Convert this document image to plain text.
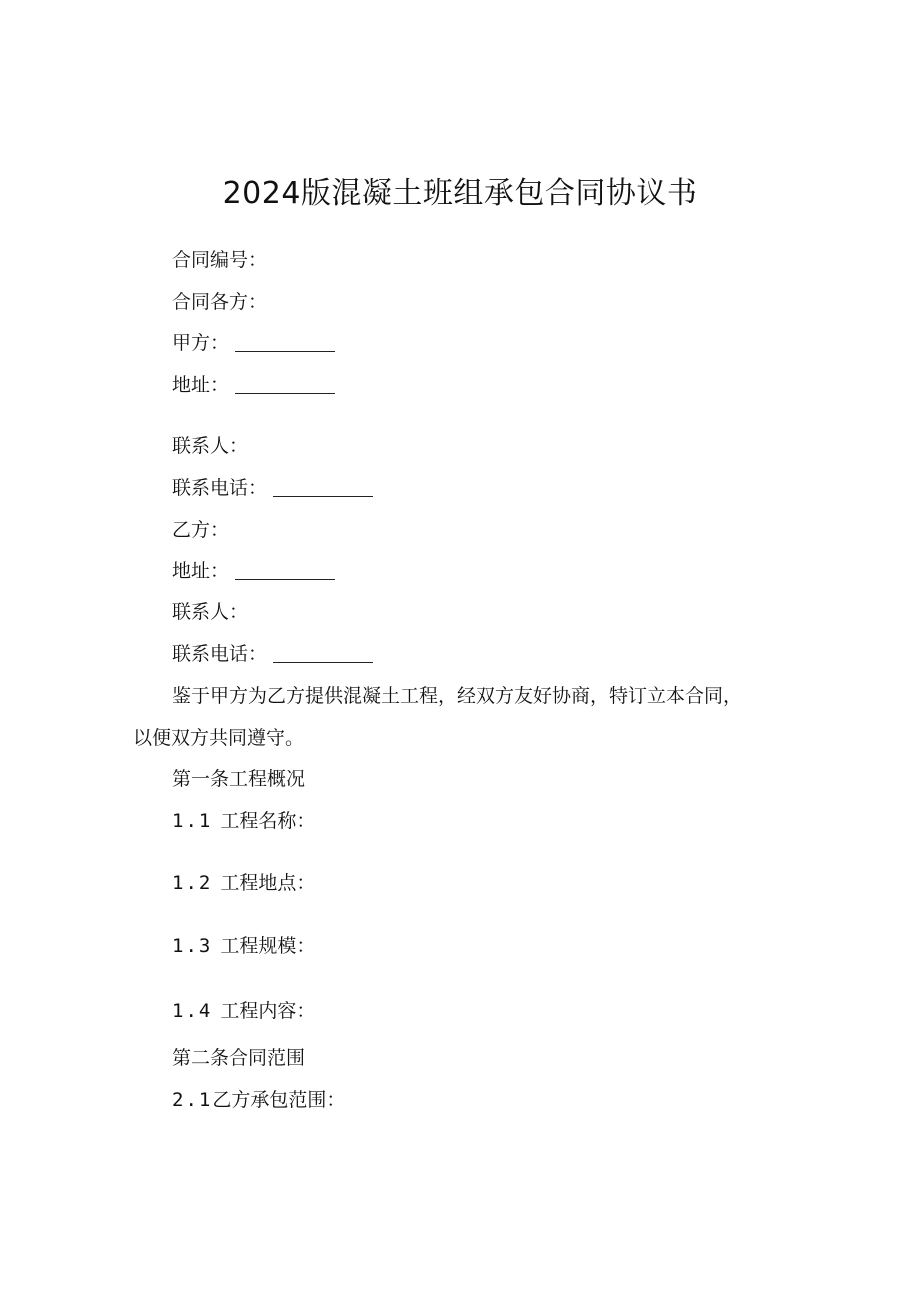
2024版混凝土班组承包合同协议书
合同编号：
合同各方：
甲方：
地址：
联系人：
联系电话：
乙方：
地址：
联系人：
联系电话：
鉴于甲方为乙方提供混凝土工程，经双方友好协商，特订立本合同，
以便双方共同遵守。
第一条工程概况
1.1 工程名称：
1.2 工程地点：
1.3 工程规模：
1.4 工程内容：
第二条合同范围
2.1乙方承包范围：
